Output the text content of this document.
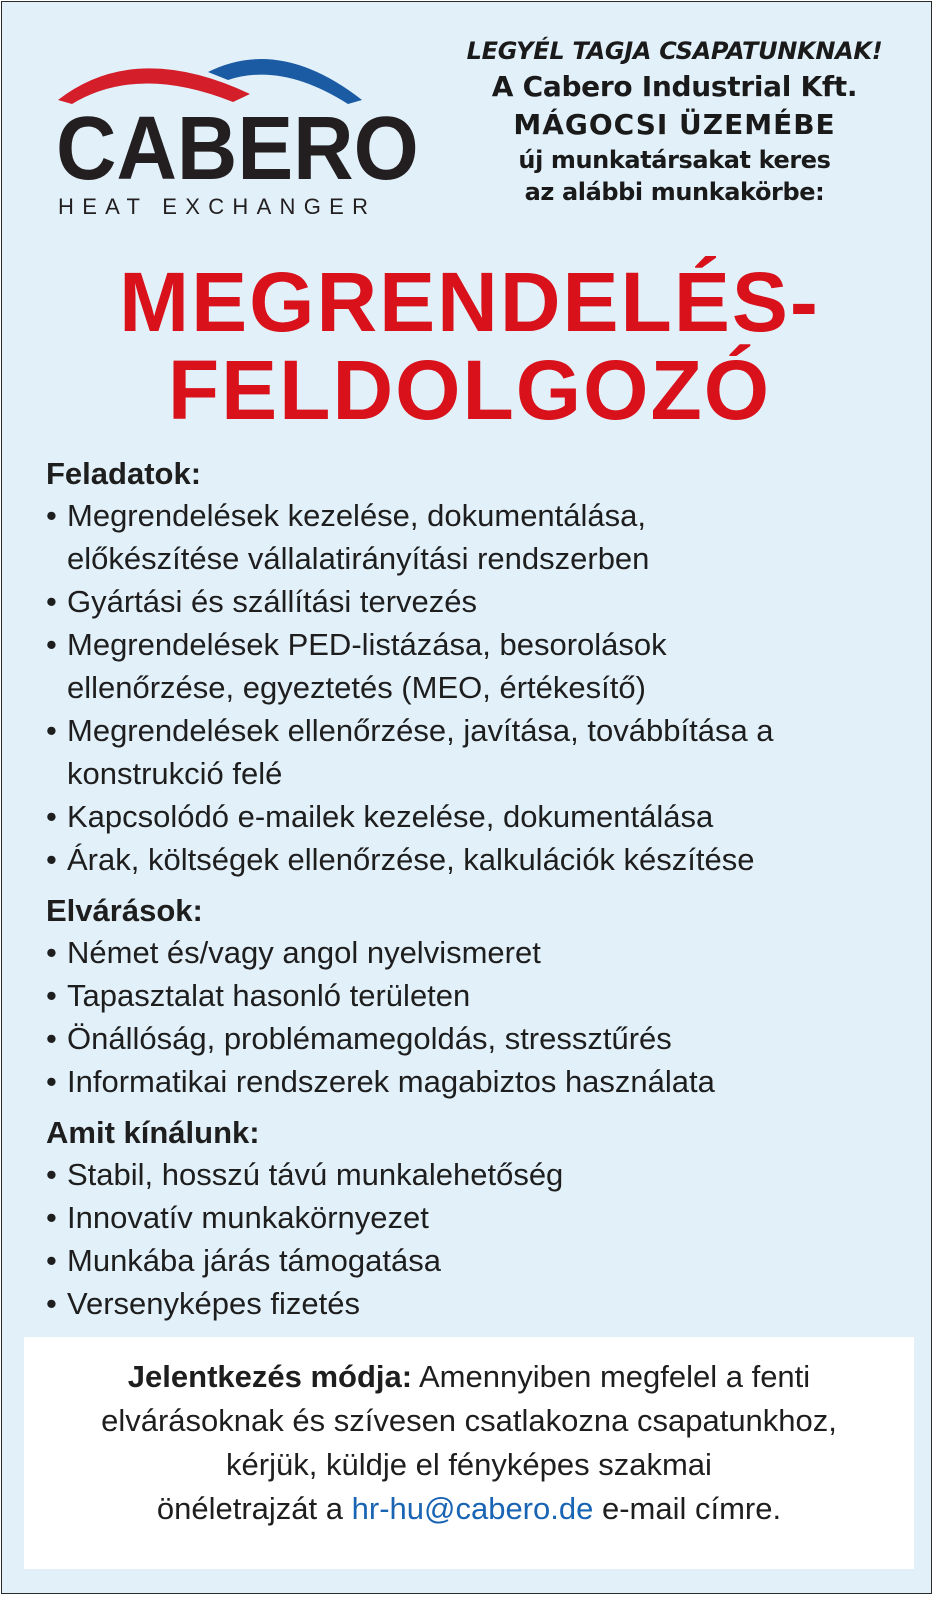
CABERO
HEAT EXCHANGER
LEGYÉL TAGJA CSAPATUNKNAK!
A Cabero Industrial Kft.
MÁGOCSI ÜZEMÉBE
új munkatársakat keres
az alábbi munkakörbe:
MEGRENDELÉS-
FELDOLGOZÓ

Feladatok:

• Megrendelések kezelése, dokumentálása,
előkészítése vállalatirányítási rendszerben
• Gyártási és szállítási tervezés
• Megrendelések PED-listázása, besorolások
ellenőrzése, egyeztetés (MEO, értékesítő)
• Megrendelések ellenőrzése, javítása, továbbítása a
konstrukció felé
• Kapcsolódó e-mailek kezelése, dokumentálása
• Árak, költségek ellenőrzése, kalkulációk készítése

Elvárások:

• Német és/vagy angol nyelvismeret
• Tapasztalat hasonló területen
• Önállóság, problémamegoldás, stressztűrés
• Informatikai rendszerek magabiztos használata

Amit kínálunk:

• Stabil, hosszú távú munkalehetőség
• Innovatív munkakörnyezet
• Munkába járás támogatása
• Versenyképes fizetés

Jelentkezés módja: Amennyiben megfelel a fenti
elvárásoknak és szívesen csatlakozna csapatunkhoz,
kérjük, küldje el fényképes szakmai
önéletrajzát a hr-hu@cabero.de e-mail címre.
